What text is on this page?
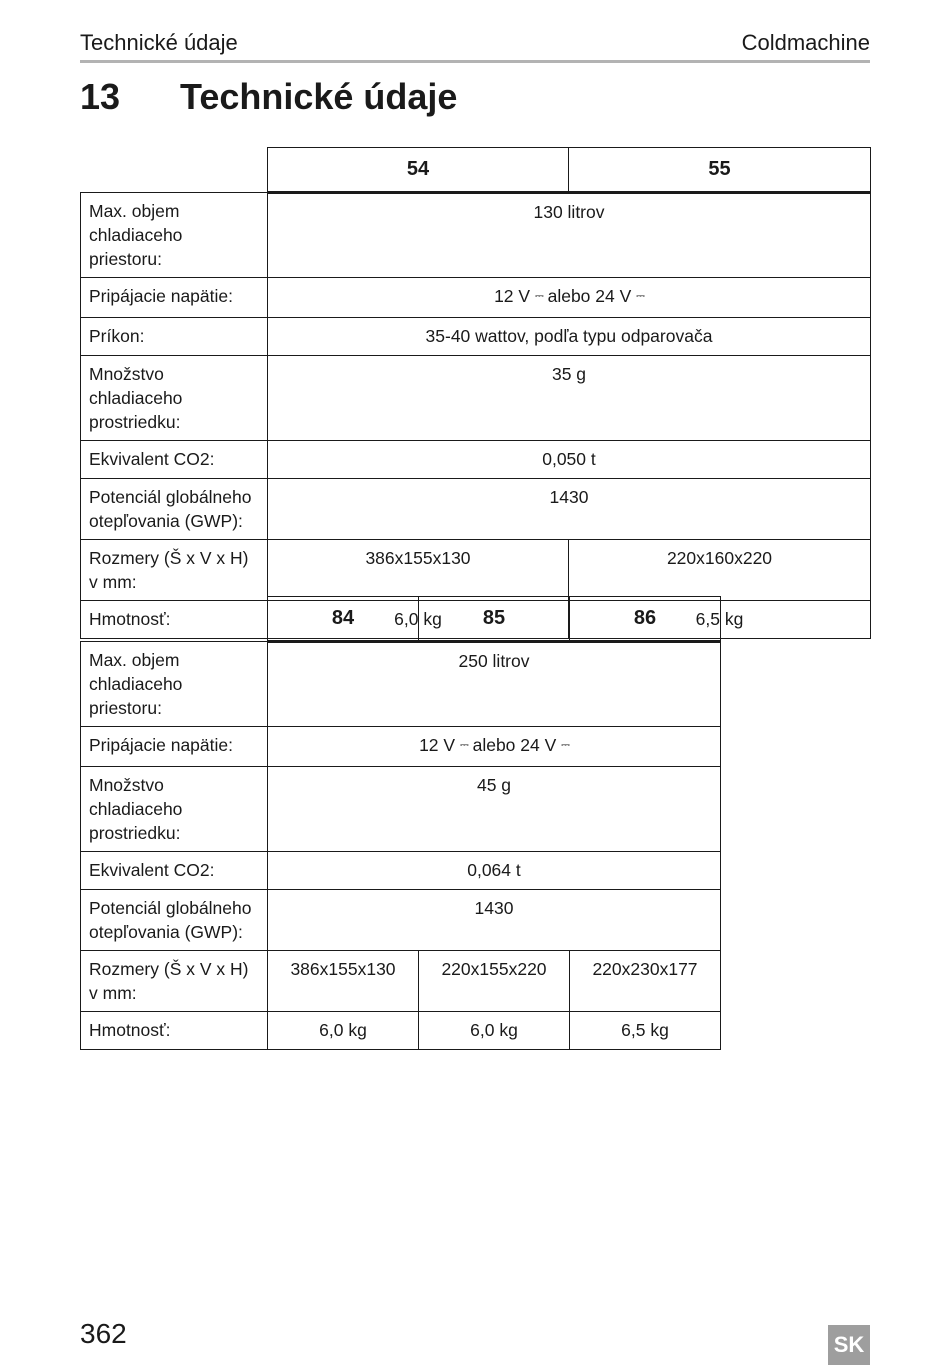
Technické údaje	Coldmachine
13 Technické údaje
	54	55
Max. objem chladiaceho priestoru:	130 litrov	
Pripájacie napätie:	12 V ⎓ alebo 24 V ⎓	
Príkon:	35-40 wattov, podľa typu odparovača	
Množstvo chladiaceho prostriedku:	35 g	
Ekvivalent CO2:	0,050 t	
Potenciál globálneho otepľovania (GWP):	1430	
Rozmery (Š x V x H) v mm:	386x155x130	220x160x220
Hmotnosť:	6,0 kg	6,5 kg
	84	85	86
Max. objem chladiaceho priestoru:	250 litrov		
Pripájacie napätie:	12 V ⎓ alebo 24 V ⎓		
Množstvo chladiaceho prostriedku:	45 g		
Ekvivalent CO2:	0,064 t		
Potenciál globálneho otepľovania (GWP):	1430		
Rozmery (Š x V x H) v mm:	386x155x130	220x155x220	220x230x177
Hmotnosť:	6,0 kg	6,0 kg	6,5 kg
362	SK
